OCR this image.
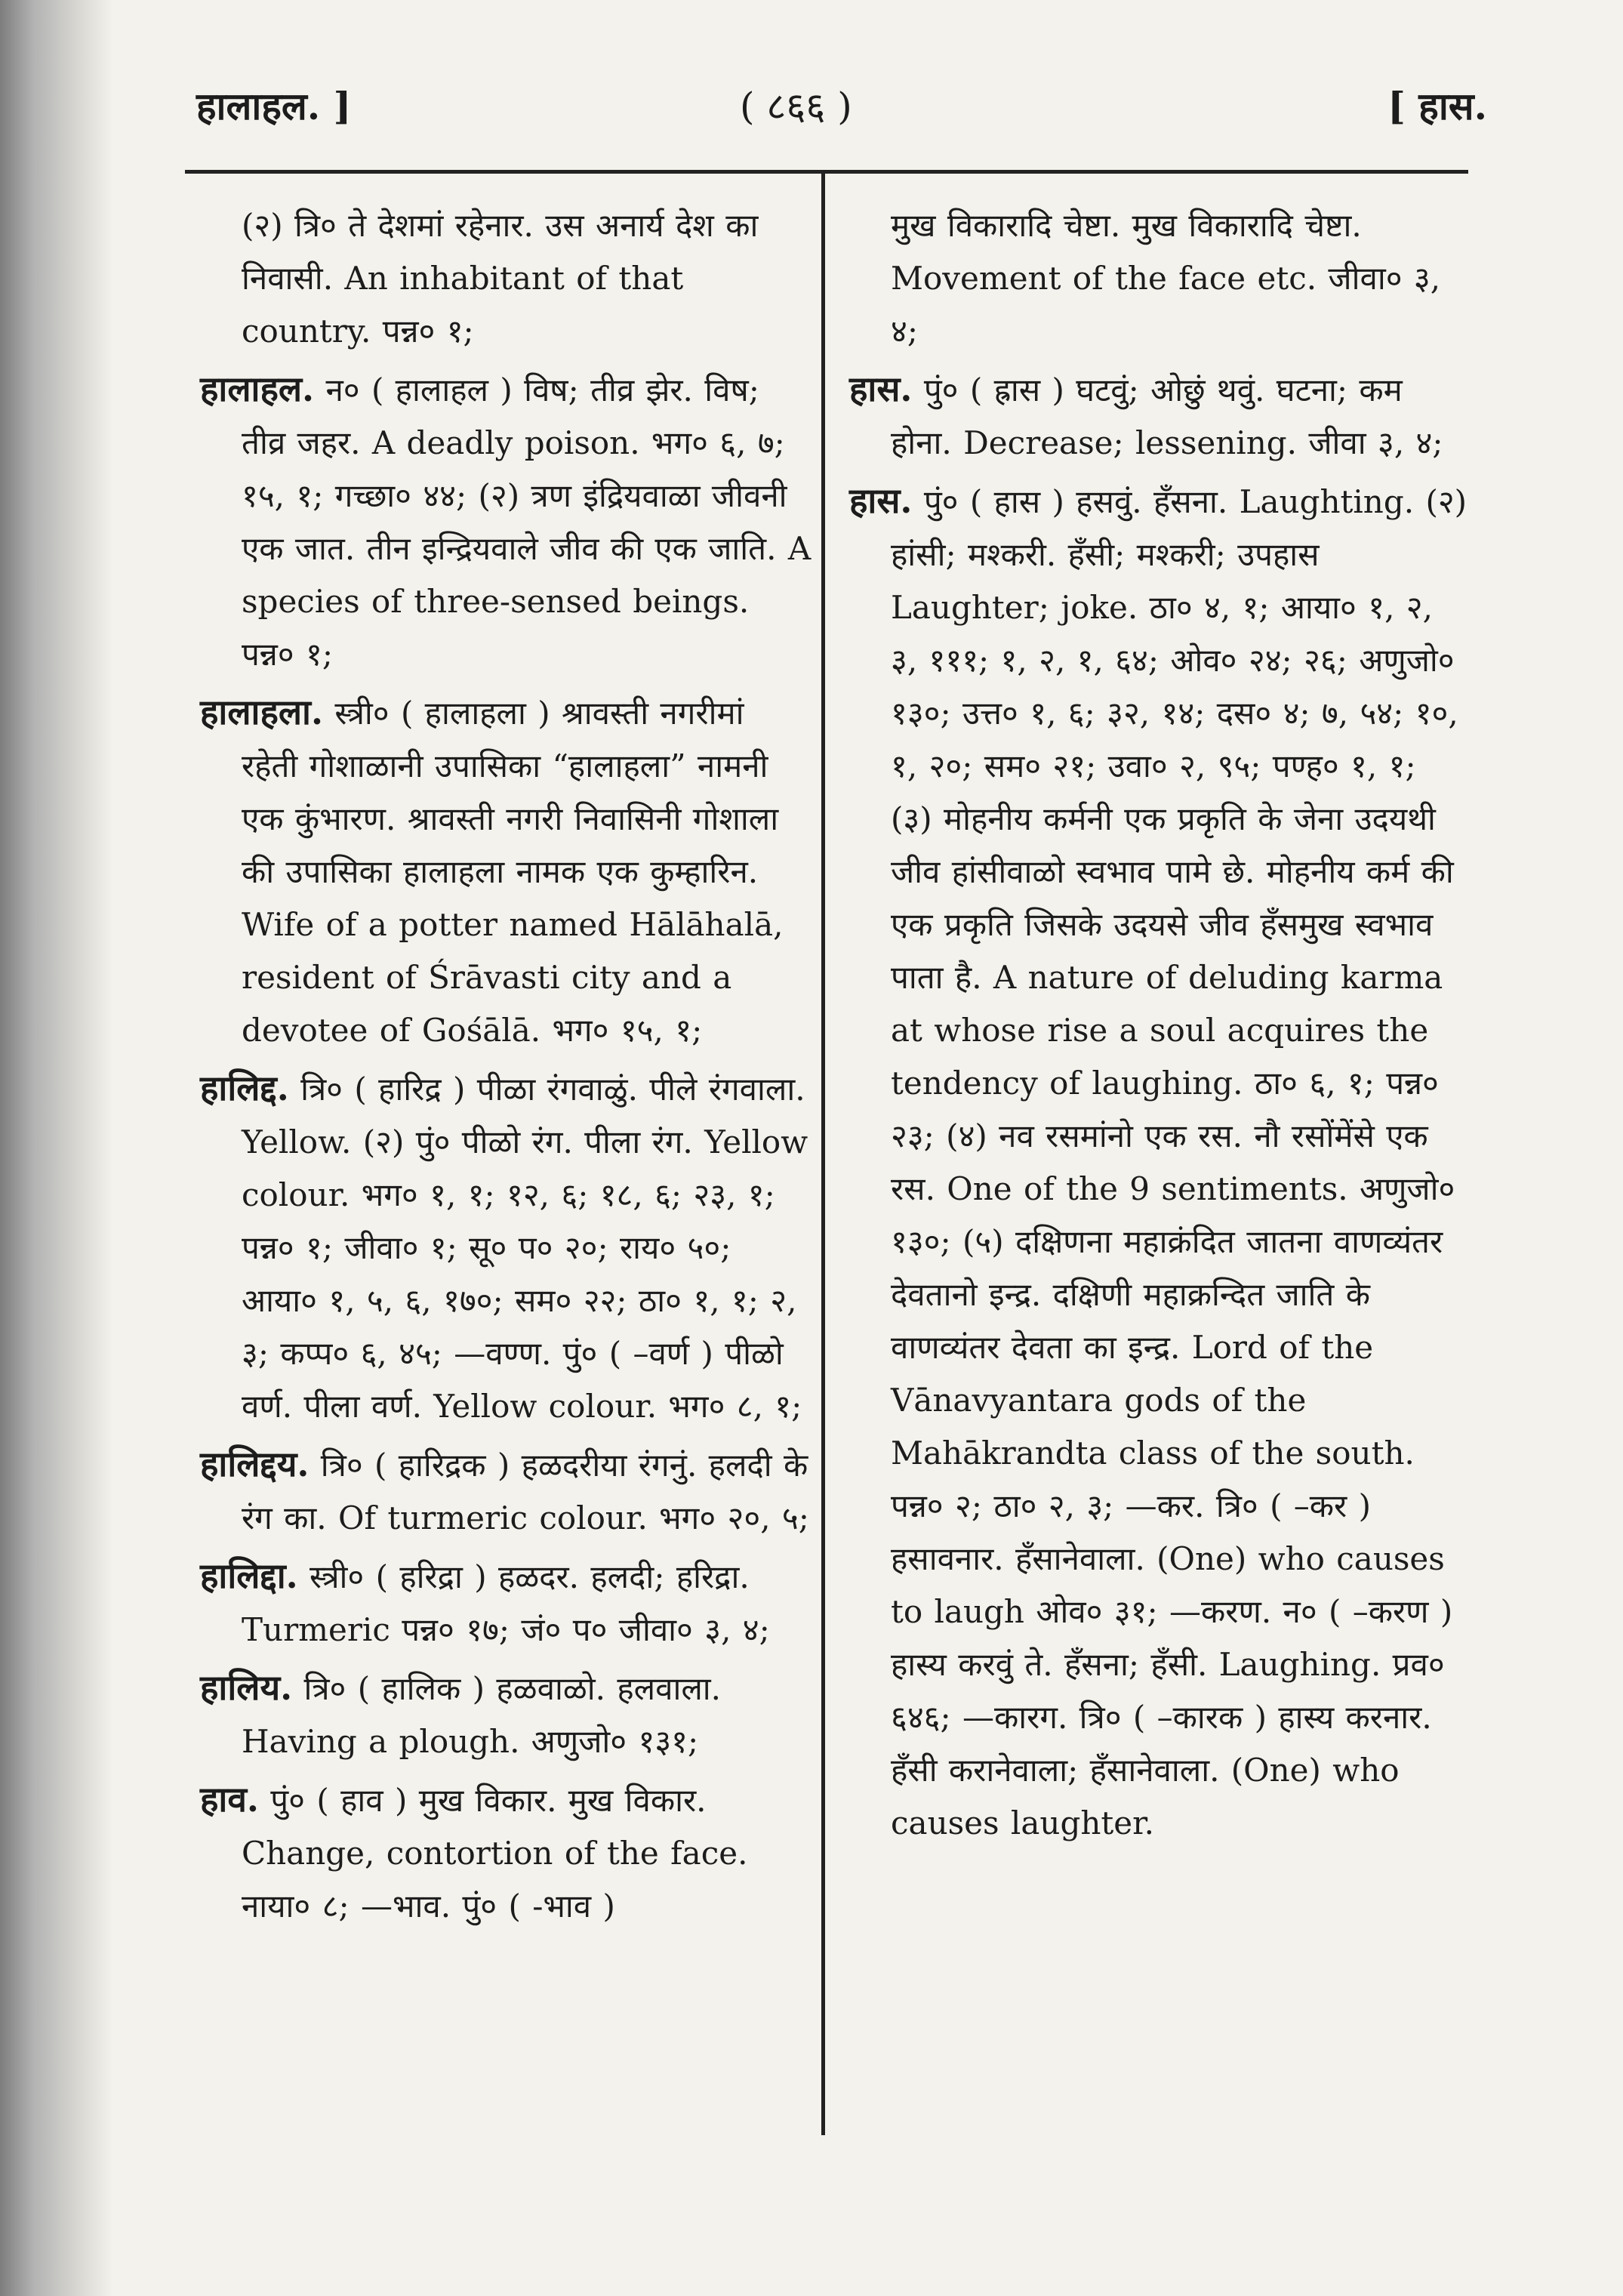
हालाहल. ]	( ८६६ )	[ हास.

(२) त्रि० ते देशमां रहेनार. उस अनार्य देश का निवासी. An inhabitant of that country. पन्न० १;

हालाहल. न० ( हालाहल ) विष; तीव्र झेर. विष; तीव्र जहर. A deadly poison. भग० ६, ७; १५, १; गच्छा० ४४; (२) त्रण इंद्रियवाळा जीवनी एक जात. तीन इन्द्रियवाले जीव की एक जाति. A species of three-sensed beings. पन्न० १;

हालाहला. स्त्री० ( हालाहला ) श्रावस्ती नगरीमां रहेती गोशाळानी उपासिका “हालाहला” नामनी एक कुंभारण. श्रावस्ती नगरी निवासिनी गोशाला की उपासिका हालाहला नामक एक कुम्हारिन. Wife of a potter named Hālāhalā, resident of Śrāvasti city and a devotee of Gośālā. भग० १५, १;

हालिद्द. त्रि० ( हारिद्र ) पीळा रंगवाळुं. पीले रंगवाला. Yellow. (२) पुं० पीळो रंग. पीला रंग. Yellow colour. भग० १, १; १२, ६; १८, ६; २३, १; पन्न० १; जीवा० १; सू० प० २०; राय० ५०; आया० १, ५, ६, १७०; सम० २२; ठा० १, १; २, ३; कप्प० ६, ४५; —वण्ण. पुं० ( –वर्ण ) पीळो वर्ण. पीला वर्ण. Yellow colour. भग० ८, १;

हालिद्दय. त्रि० ( हारिद्रक ) हळदरीया रंगनुं. हलदी के रंग का. Of turmeric colour. भग० २०, ५;

हालिद्दा. स्त्री० ( हरिद्रा ) हळदर. हलदी; हरिद्रा. Turmeric पन्न० १७; जं० प० जीवा० ३, ४;

हालिय. त्रि० ( हालिक ) हळवाळो. हलवाला. Having a plough. अणुजो० १३१;

हाव. पुं० ( हाव ) मुख विकार. मुख विकार. Change, contortion of the face. नाया० ८; —भाव. पुं० ( -भाव )

मुख विकारादि चेष्टा. मुख विकारादि चेष्टा. Movement of the face etc. जीवा० ३, ४;

हास. पुं० ( ह्रास ) घटवुं; ओछुं थवुं. घटना; कम होना. Decrease; lessening. जीवा ३, ४;

हास. पुं० ( हास ) हसवुं. हँसना. Laughting. (२) हांसी; मश्करी. हँसी; मश्करी; उपहास Laughter; joke. ठा० ४, १; आया० १, २, ३, १११; १, २, १, ६४; ओव० २४; २६; अणुजो० १३०; उत्त० १, ६; ३२, १४; दस० ४; ७, ५४; १०, १, २०; सम० २१; उवा० २, ९५; पण्ह० १, १; (३) मोहनीय कर्मनी एक प्रकृति के जेना उदयथी जीव हांसीवाळो स्वभाव पामे छे. मोहनीय कर्म की एक प्रकृति जिसके उदयसे जीव हँसमुख स्वभाव पाता है. A nature of deluding karma at whose rise a soul acquires the tendency of laughing. ठा० ६, १; पन्न० २३; (४) नव रसमांनो एक रस. नौ रसोंमेंसे एक रस. One of the 9 sentiments. अणुजो० १३०; (५) दक्षिणना महाक्रंदित जातना वाणव्यंतर देवतानो इन्द्र. दक्षिणी महाक्रन्दित जाति के वाणव्यंतर देवता का इन्द्र. Lord of the Vānavyantara gods of the Mahākrandta class of the south. पन्न० २; ठा० २, ३; —कर. त्रि० ( –कर ) हसावनार. हँसानेवाला. (One) who causes to laugh ओव० ३१; —करण. न० ( –करण ) हास्य करवुं ते. हँसना; हँसी. Laughing. प्रव० ६४६; —कारग. त्रि० ( –कारक ) हास्य करनार. हँसी करानेवाला; हँसानेवाला. (One) who causes laughter.
